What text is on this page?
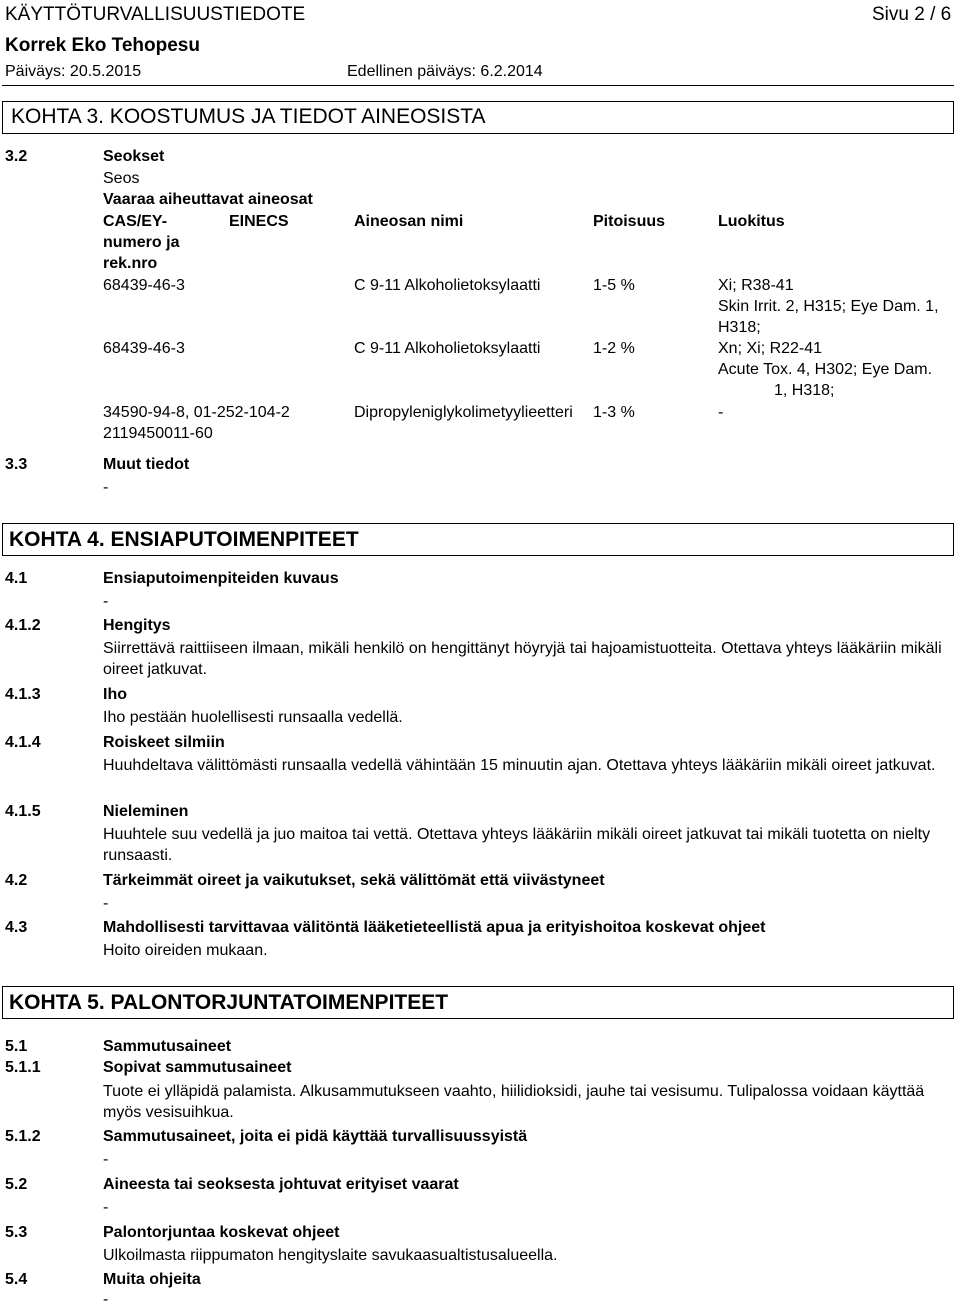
KÄYTTÖTURVALLISUUSTIEDOTE	Sivu 2 / 6
Korrek Eko Tehopesu
Päiväys: 20.5.2015	Edellinen päiväys: 6.2.2014
KOHTA 3. KOOSTUMUS JA TIEDOT AINEOSISTA
3.2	Seokset
Seos
Vaaraa aiheuttavat aineosat
CAS/EY-
numero ja
rek.nro
EINECS	Aineosan nimi	Pitoisuus	Luokitus
68439-46-3	C 9-11 Alkoholietoksylaatti	1-5 %	Xi; R38-41
Skin Irrit. 2, H315; Eye Dam. 1,
H318;
68439-46-3	C 9-11 Alkoholietoksylaatti	1-2 %	Xn; Xi; R22-41
Acute Tox. 4, H302; Eye Dam.
1, H318;
34590-94-8, 01-252-104-2
2119450011-60
Dipropyleniglykolimetyylieetteri 1-3 %	-
3.3	Muut tiedot
-
KOHTA 4. ENSIAPUTOIMENPITEET
4.1	Ensiaputoimenpiteiden kuvaus
-
4.1.2	Hengitys
Siirrettävä raittiiseen ilmaan, mikäli henkilö on hengittänyt höyryjä tai hajoamistuotteita. Otettava yhteys lääkäriin mikäli oireet jatkuvat.
4.1.3	Iho
Iho pestään huolellisesti runsaalla vedellä.
4.1.4	Roiskeet silmiin
Huuhdeltava välittömästi runsaalla vedellä vähintään 15 minuutin ajan. Otettava yhteys lääkäriin mikäli oireet jatkuvat.
4.1.5	Nieleminen
Huuhtele suu vedellä ja juo maitoa tai vettä. Otettava yhteys lääkäriin mikäli oireet jatkuvat tai mikäli tuotetta on nielty runsaasti.
4.2	Tärkeimmät oireet ja vaikutukset, sekä välittömät että viivästyneet
-
4.3	Mahdollisesti tarvittavaa välitöntä lääketieteellistä apua ja erityishoitoa koskevat ohjeet
Hoito oireiden mukaan.
KOHTA 5. PALONTORJUNTATOIMENPITEET
5.1	Sammutusaineet
5.1.1	Sopivat sammutusaineet
Tuote ei ylläpidä palamista. Alkusammutukseen vaahto, hiilidioksidi, jauhe tai vesisumu. Tulipalossa voidaan käyttää myös vesisuihkua.
5.1.2	Sammutusaineet, joita ei pidä käyttää turvallisuussyistä
-
5.2	Aineesta tai seoksesta johtuvat erityiset vaarat
-
5.3	Palontorjuntaa koskevat ohjeet
Ulkoilmasta riippumaton hengityslaite savukaasualtistusalueella.
5.4	Muita ohjeita
-
